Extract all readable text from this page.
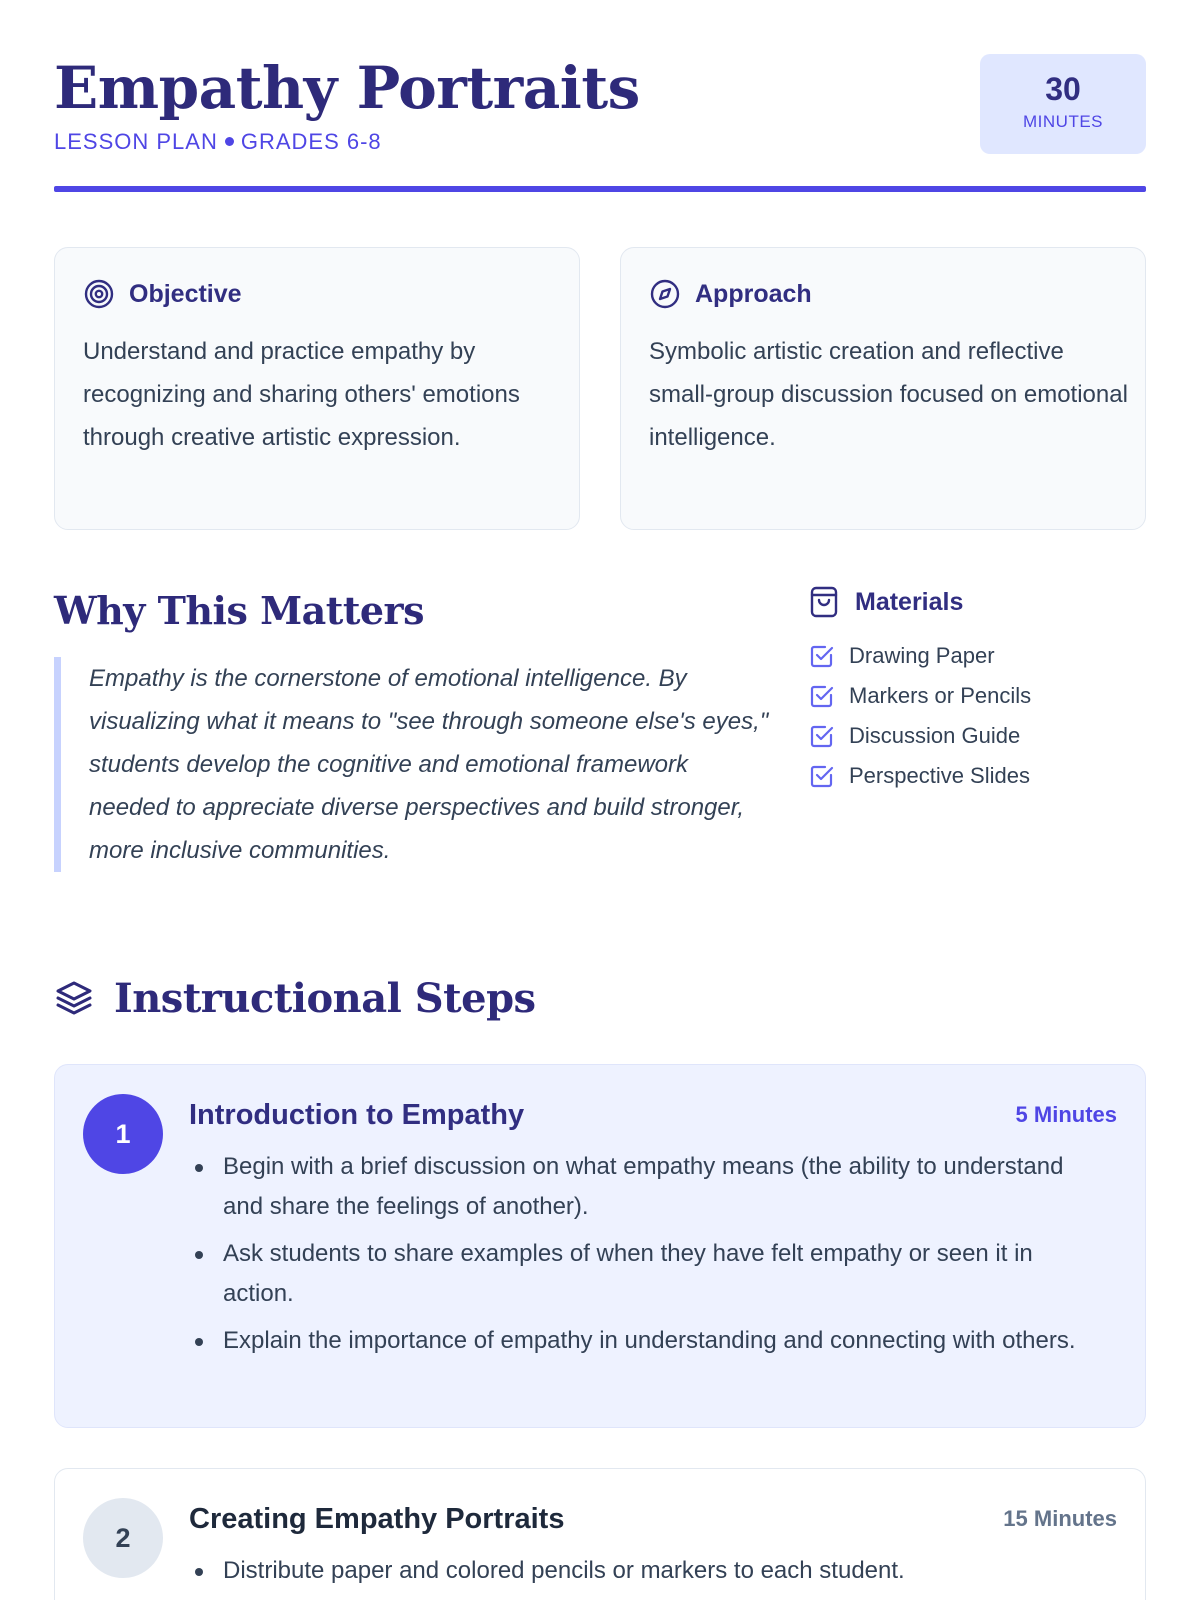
Empathy Portraits
LESSON PLAN GRADES 6-8
30
MINUTES
Objective

Understand and practice empathy by recognizing and sharing others' emotions through creative artistic expression.

Approach

Symbolic artistic creation and reflective small-group discussion focused on emotional intelligence.

Why This Matters
Empathy is the cornerstone of emotional intelligence. By visualizing what it means to "see through someone else's eyes," students develop the cognitive and emotional framework needed to appreciate diverse perspectives and build stronger, more inclusive communities.
Materials
Drawing Paper
Markers or Pencils
Discussion Guide
Perspective Slides
Instructional Steps
1
Introduction to Empathy	5 Minutes
Begin with a brief discussion on what empathy means (the ability to understand and share the feelings of another).
Ask students to share examples of when they have felt empathy or seen it in action.
Explain the importance of empathy in understanding and connecting with others.
2
Creating Empathy Portraits	15 Minutes
Distribute paper and colored pencils or markers to each student.
